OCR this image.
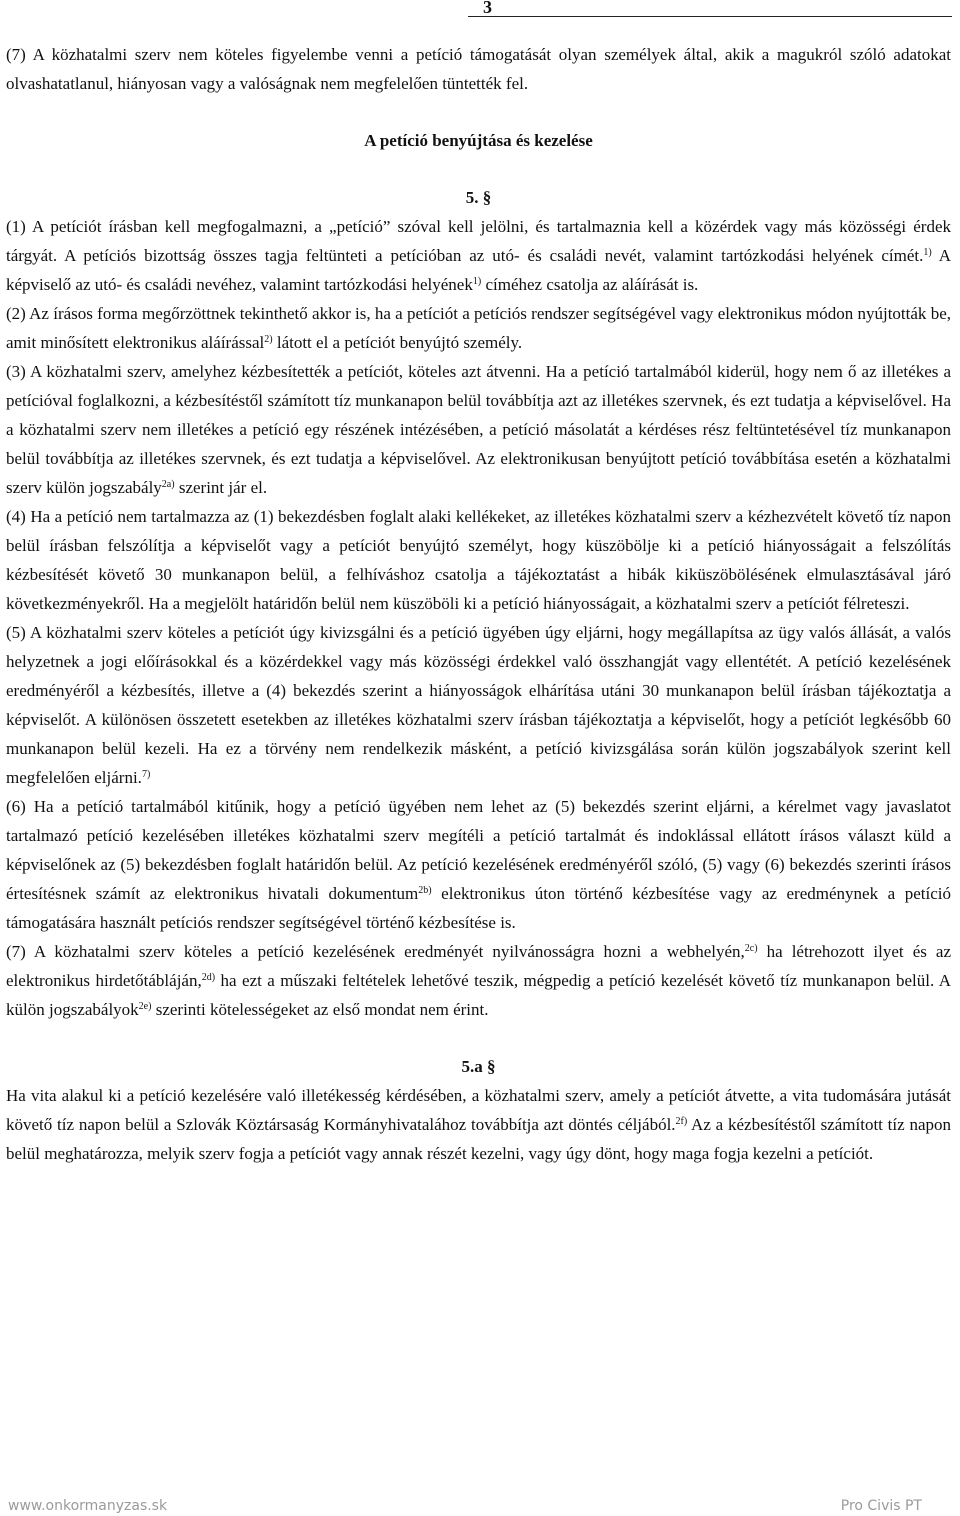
3

(7) A közhatalmi szerv nem köteles figyelembe venni a petíció támogatását olyan személyek által, akik a magukról szóló adatokat olvashatatlanul, hiányosan vagy a valóságnak nem megfelelően tüntették fel.

A petíció benyújtása és kezelése

5. §

(1) A petíciót írásban kell megfogalmazni, a „petíció” szóval kell jelölni, és tartalmaznia kell a közérdek vagy más közösségi érdek tárgyát. A petíciós bizottság összes tagja feltünteti a petícióban az utó- és családi nevét, valamint tartózkodási helyének címét.$^{1)}$ A képviselő az utó- és családi nevéhez, valamint tartózkodási helyének$^{1)}$ címéhez csatolja az aláírását is.

(2) Az írásos forma megőrzöttnek tekinthető akkor is, ha a petíciót a petíciós rendszer segítségével vagy elektronikus módon nyújtották be, amit minősített elektronikus aláírással$^{2)}$ látott el a petíciót benyújtó személy.

(3) A közhatalmi szerv, amelyhez kézbesítették a petíciót, köteles azt átvenni. Ha a petíció tartalmából kiderül, hogy nem ő az illetékes a petícióval foglalkozni, a kézbesítéstől számított tíz munkanapon belül továbbítja azt az illetékes szervnek, és ezt tudatja a képviselővel. Ha a közhatalmi szerv nem illetékes a petíció egy részének intézésében, a petíció másolatát a kérdéses rész feltüntetésével tíz munkanapon belül továbbítja az illetékes szervnek, és ezt tudatja a képviselővel. Az elektronikusan benyújtott petíció továbbítása esetén a közhatalmi szerv külön jogszabály$^{2a)}$ szerint jár el.

(4) Ha a petíció nem tartalmazza az (1) bekezdésben foglalt alaki kellékeket, az illetékes közhatalmi szerv a kézhezvételt követő tíz napon belül írásban felszólítja a képviselőt vagy a petíciót benyújtó személyt, hogy küszöbölje ki a petíció hiányosságait a felszólítás kézbesítését követő 30 munkanapon belül, a felhíváshoz csatolja a tájékoztatást a hibák kiküszöbölésének elmulasztásával járó következményekről. Ha a megjelölt határidőn belül nem küszöböli ki a petíció hiányosságait, a közhatalmi szerv a petíciót félreteszi.

(5) A közhatalmi szerv köteles a petíciót úgy kivizsgálni és a petíció ügyében úgy eljárni, hogy megállapítsa az ügy valós állását, a valós helyzetnek a jogi előírásokkal és a közérdekkel vagy más közösségi érdekkel való összhangját vagy ellentétét. A petíció kezelésének eredményéről a kézbesítés, illetve a (4) bekezdés szerint a hiányosságok elhárítása utáni 30 munkanapon belül írásban tájékoztatja a képviselőt. A különösen összetett esetekben az illetékes közhatalmi szerv írásban tájékoztatja a képviselőt, hogy a petíciót legkésőbb 60 munkanapon belül kezeli. Ha ez a törvény nem rendelkezik másként, a petíció kivizsgálása során külön jogszabályok szerint kell megfelelően eljárni.$^{7)}$

(6) Ha a petíció tartalmából kitűnik, hogy a petíció ügyében nem lehet az (5) bekezdés szerint eljárni, a kérelmet vagy javaslatot tartalmazó petíció kezelésében illetékes közhatalmi szerv megítéli a petíció tartalmát és indoklással ellátott írásos választ küld a képviselőnek az (5) bekezdésben foglalt határidőn belül. Az petíció kezelésének eredményéről szóló, (5) vagy (6) bekezdés szerinti írásos értesítésnek számít az elektronikus hivatali dokumentum$^{2b)}$ elektronikus úton történő kézbesítése vagy az eredménynek a petíció támogatására használt petíciós rendszer segítségével történő kézbesítése is.

(7) A közhatalmi szerv köteles a petíció kezelésének eredményét nyilvánosságra hozni a webhelyén,$^{2c)}$ ha létrehozott ilyet és az elektronikus hirdetőtábláján,$^{2d)}$ ha ezt a műszaki feltételek lehetővé teszik, mégpedig a petíció kezelését követő tíz munkanapon belül. A külön jogszabályok$^{2e)}$ szerinti kötelességeket az első mondat nem érint.

5.a §

Ha vita alakul ki a petíció kezelésére való illetékesség kérdésében, a közhatalmi szerv, amely a petíciót átvette, a vita tudomására jutását követő tíz napon belül a Szlovák Köztársaság Kormányhivatalához továbbítja azt döntés céljából.$^{2f)}$ Az a kézbesítéstől számított tíz napon belül meghatározza, melyik szerv fogja a petíciót vagy annak részét kezelni, vagy úgy dönt, hogy maga fogja kezelni a petíciót.

www.onkormanyzas.sk	Pro Civis PT
